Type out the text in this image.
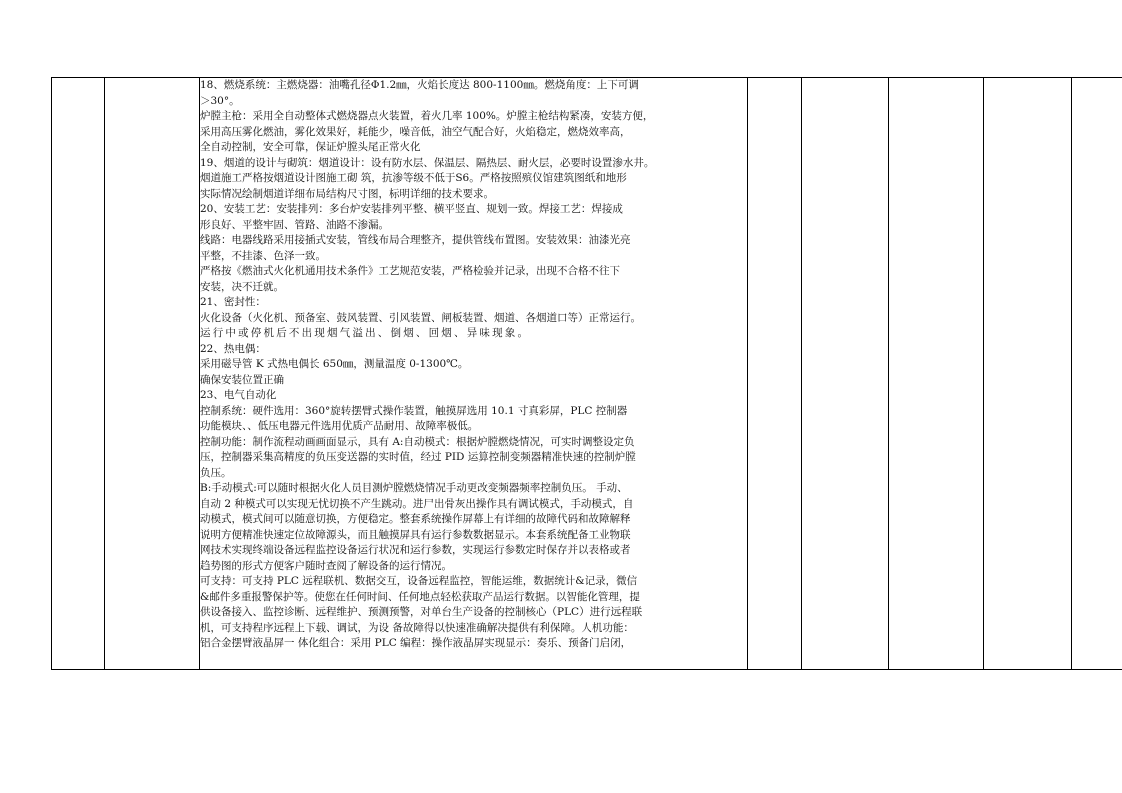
18、燃烧系统：主燃烧器：油嘴孔径Φ1.2㎜，火焰长度达 800-1100㎜。燃烧角度：上下可调
＞30°。
炉膛主枪：采用全自动整体式燃烧器点火装置，着火几率 100%。炉膛主枪结构紧凑，安装方便，
采用高压雾化燃油，雾化效果好，耗能少，噪音低，油空气配合好，火焰稳定，燃烧效率高，
全自动控制，安全可靠，保证炉膛头尾正常火化
19、烟道的设计与砌筑：烟道设计：设有防水层、保温层、隔热层、耐火层，必要时设置渗水井。
烟道施工严格按烟道设计图施工砌 筑，抗渗等级不低于S6。严格按照殡仪馆建筑图纸和地形
实际情况绘制烟道详细布局结构尺寸图，标明详细的技术要求。
20、安装工艺：安装排列：多台炉安装排列平整、横平竖直、规划一致。焊接工艺：焊接成
形良好、平整牢固、管路、油路不渗漏。
线路：电器线路采用接插式安装，管线布局合理整齐，提供管线布置图。安装效果：油漆光亮
平整，不挂漆、色泽一致。
严格按《燃油式火化机通用技术条件》工艺规范安装，严格检验并记录，出现不合格不往下
安装，决不迁就。
21、密封性：
火化设备（火化机、预备室、鼓风装置、引风装置、闸板装置、烟道、各烟道口等）正常运行。
运行中或停机后不出现烟气溢出、倒烟、回烟、异味现象。
22、热电偶：
采用磁导管 K 式热电偶长 650㎜，测量温度 0-1300℃。
确保安装位置正确
23、电气自动化
控制系统：硬件选用：360°旋转摆臂式操作装置，触摸屏选用 10.1 寸真彩屏，PLC 控制器
功能模块、、低压电器元件选用优质产品耐用、故障率极低。
控制功能：制作流程动画画面显示，具有 A:自动模式：根据炉膛燃烧情况，可实时调整设定负
压，控制器采集高精度的负压变送器的实时值，经过 PID 运算控制变频器精准快速的控制炉膛
负压。
B:手动模式:可以随时根据火化人员目测炉膛燃烧情况手动更改变频器频率控制负压。 手动、
自动 2 种模式可以实现无忧切换不产生跳动。进尸出骨灰出操作具有调试模式，手动模式，自
动模式，模式间可以随意切换，方便稳定。整套系统操作屏幕上有详细的故障代码和故障解释
说明方便精准快速定位故障源头，而且触摸屏具有运行参数数据显示。本套系统配备工业物联
网技术实现终端设备远程监控设备运行状况和运行参数，实现运行参数定时保存并以表格或者
趋势图的形式方便客户随时查阅了解设备的运行情况。
可支持：可支持 PLC 远程联机、数据交互，设备远程监控，智能运维，数据统计&记录，微信
&邮件多重报警保护等。使您在任何时间、任何地点轻松获取产品运行数据。以智能化管理，提
供设备接入、监控诊断、远程维护、预测预警，对单台生产设备的控制核心（PLC）进行远程联
机，可支持程序远程上下载、调试，为设 备故障得以快速准确解决提供有利保障。人机功能：
铝合金摆臂液晶屏一 体化组合：采用 PLC 编程：操作液晶屏实现显示：奏乐、预备门启闭，
